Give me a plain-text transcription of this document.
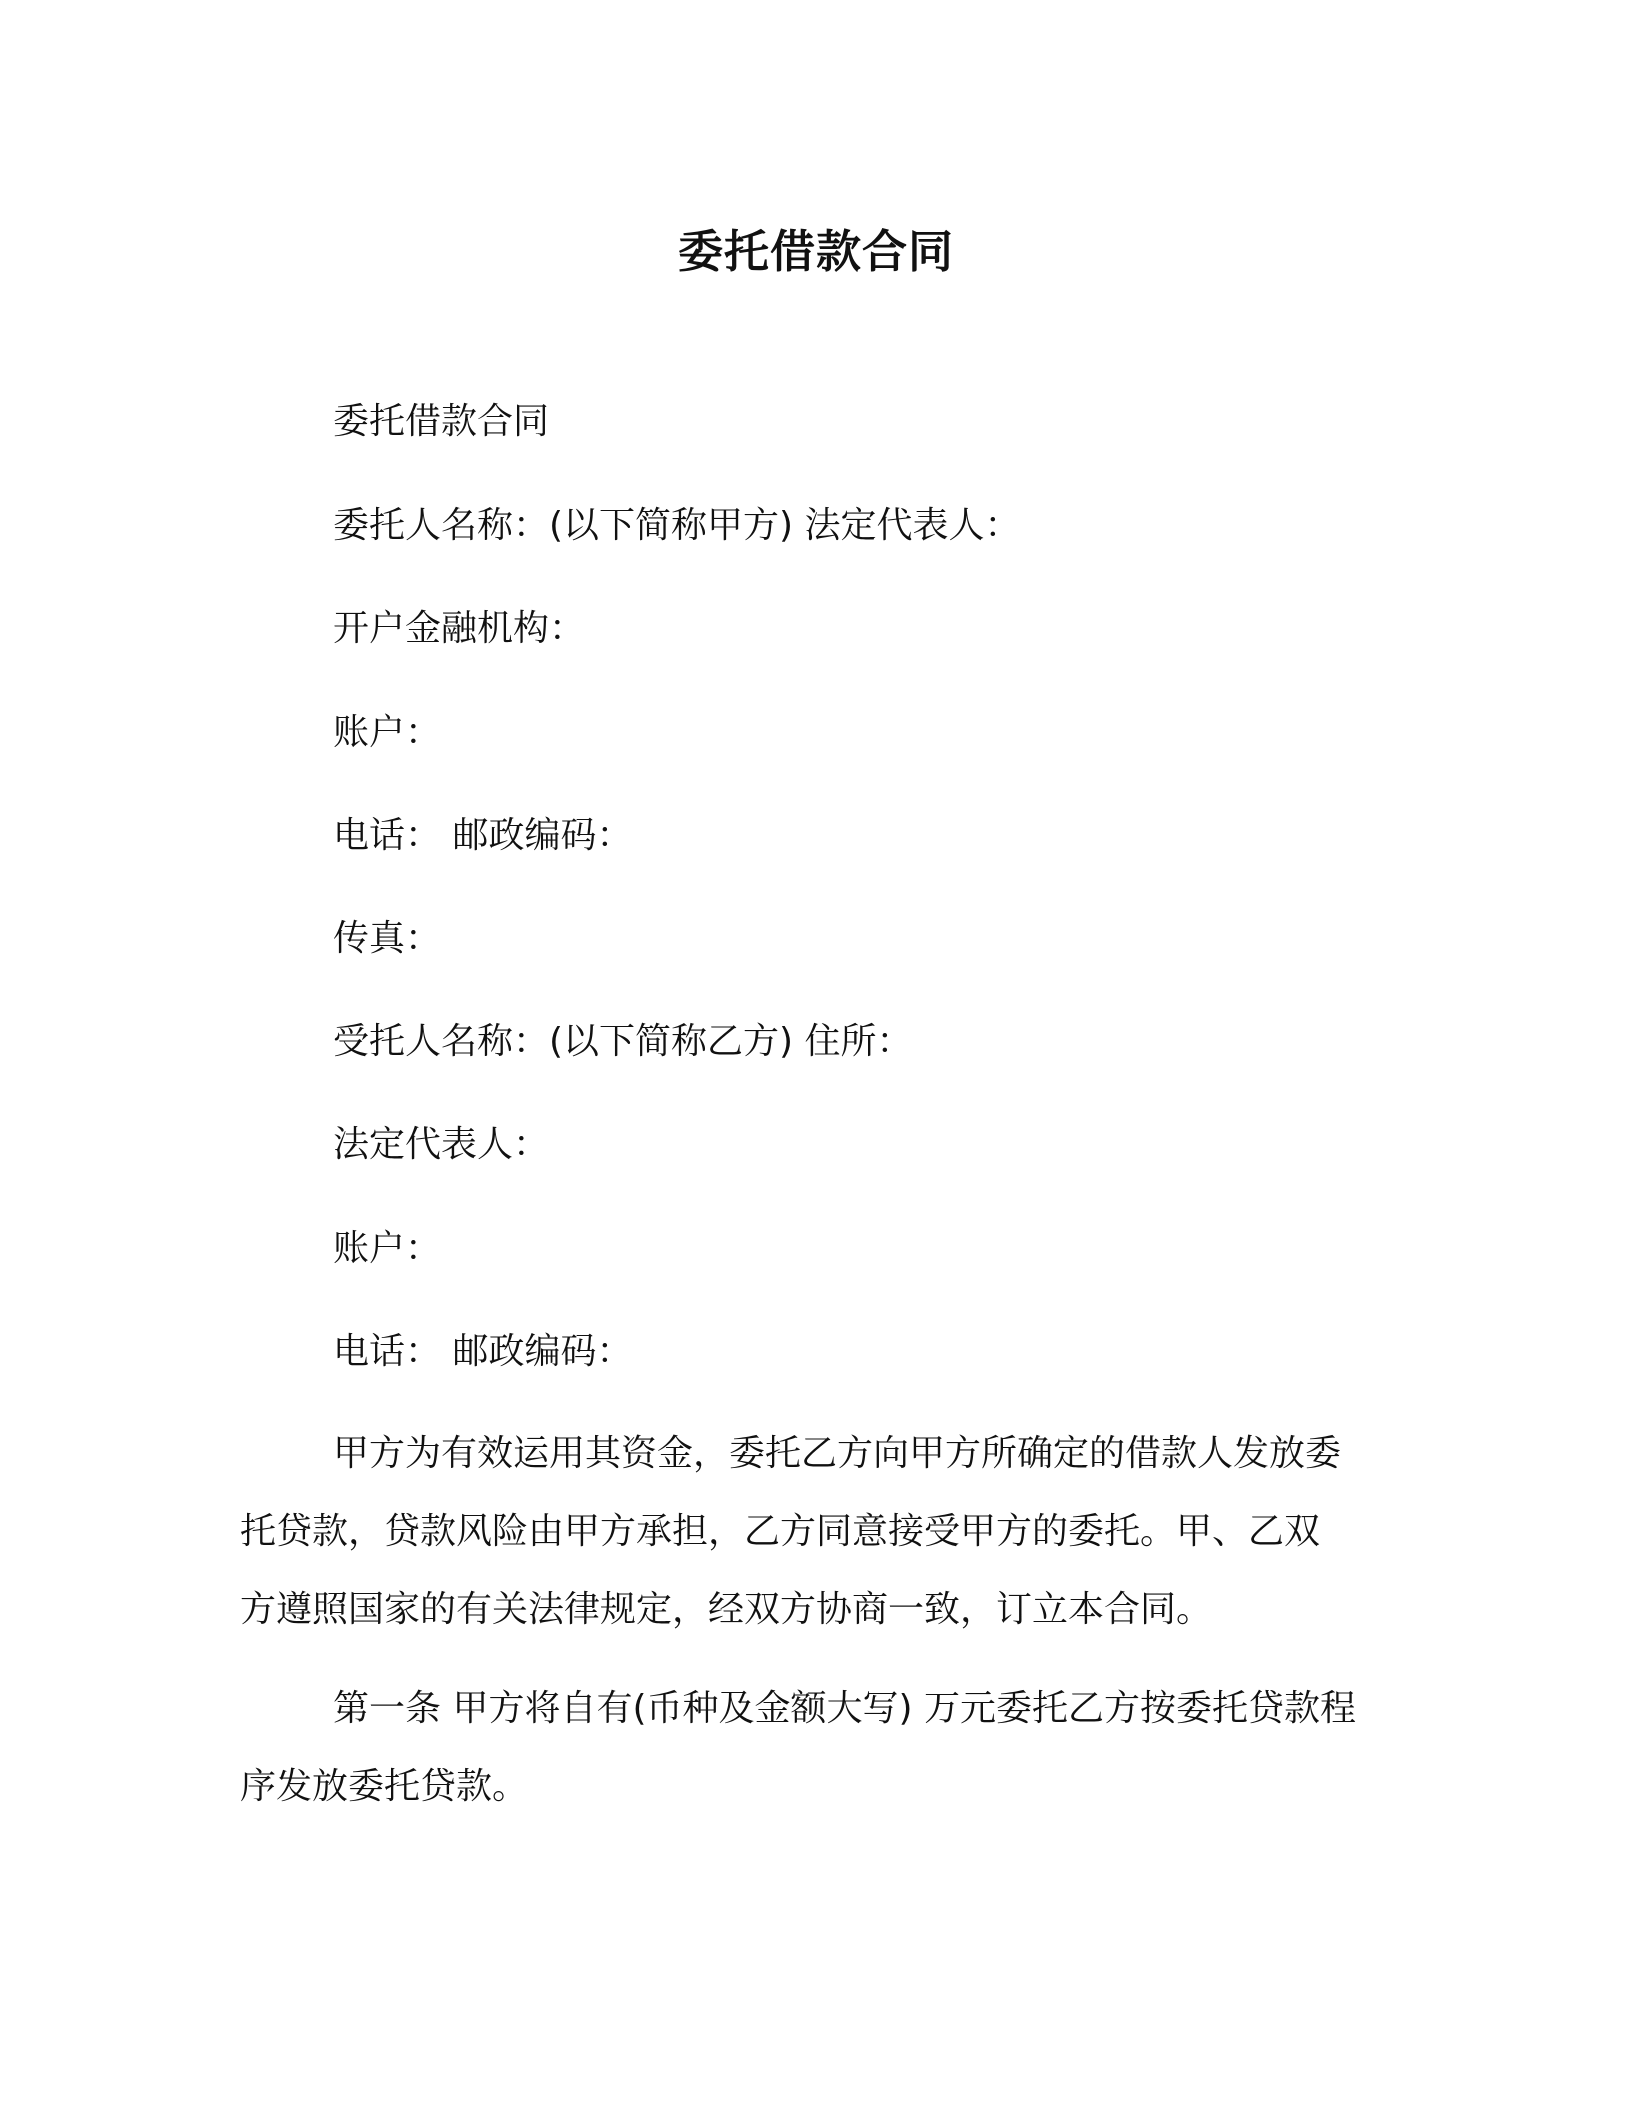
委托借款合同
委托借款合同
委托人名称：(以下简称甲方) 法定代表人：
开户金融机构：
账户：
电话： 邮政编码：
传真：
受托人名称：(以下简称乙方) 住所：
法定代表人：
账户：
电话： 邮政编码：
甲方为有效运用其资金，委托乙方向甲方所确定的借款人发放委
托贷款，贷款风险由甲方承担，乙方同意接受甲方的委托。甲、乙双
方遵照国家的有关法律规定，经双方协商一致，订立本合同。
第一条 甲方将自有(币种及金额大写) 万元委托乙方按委托贷款程
序发放委托贷款。
